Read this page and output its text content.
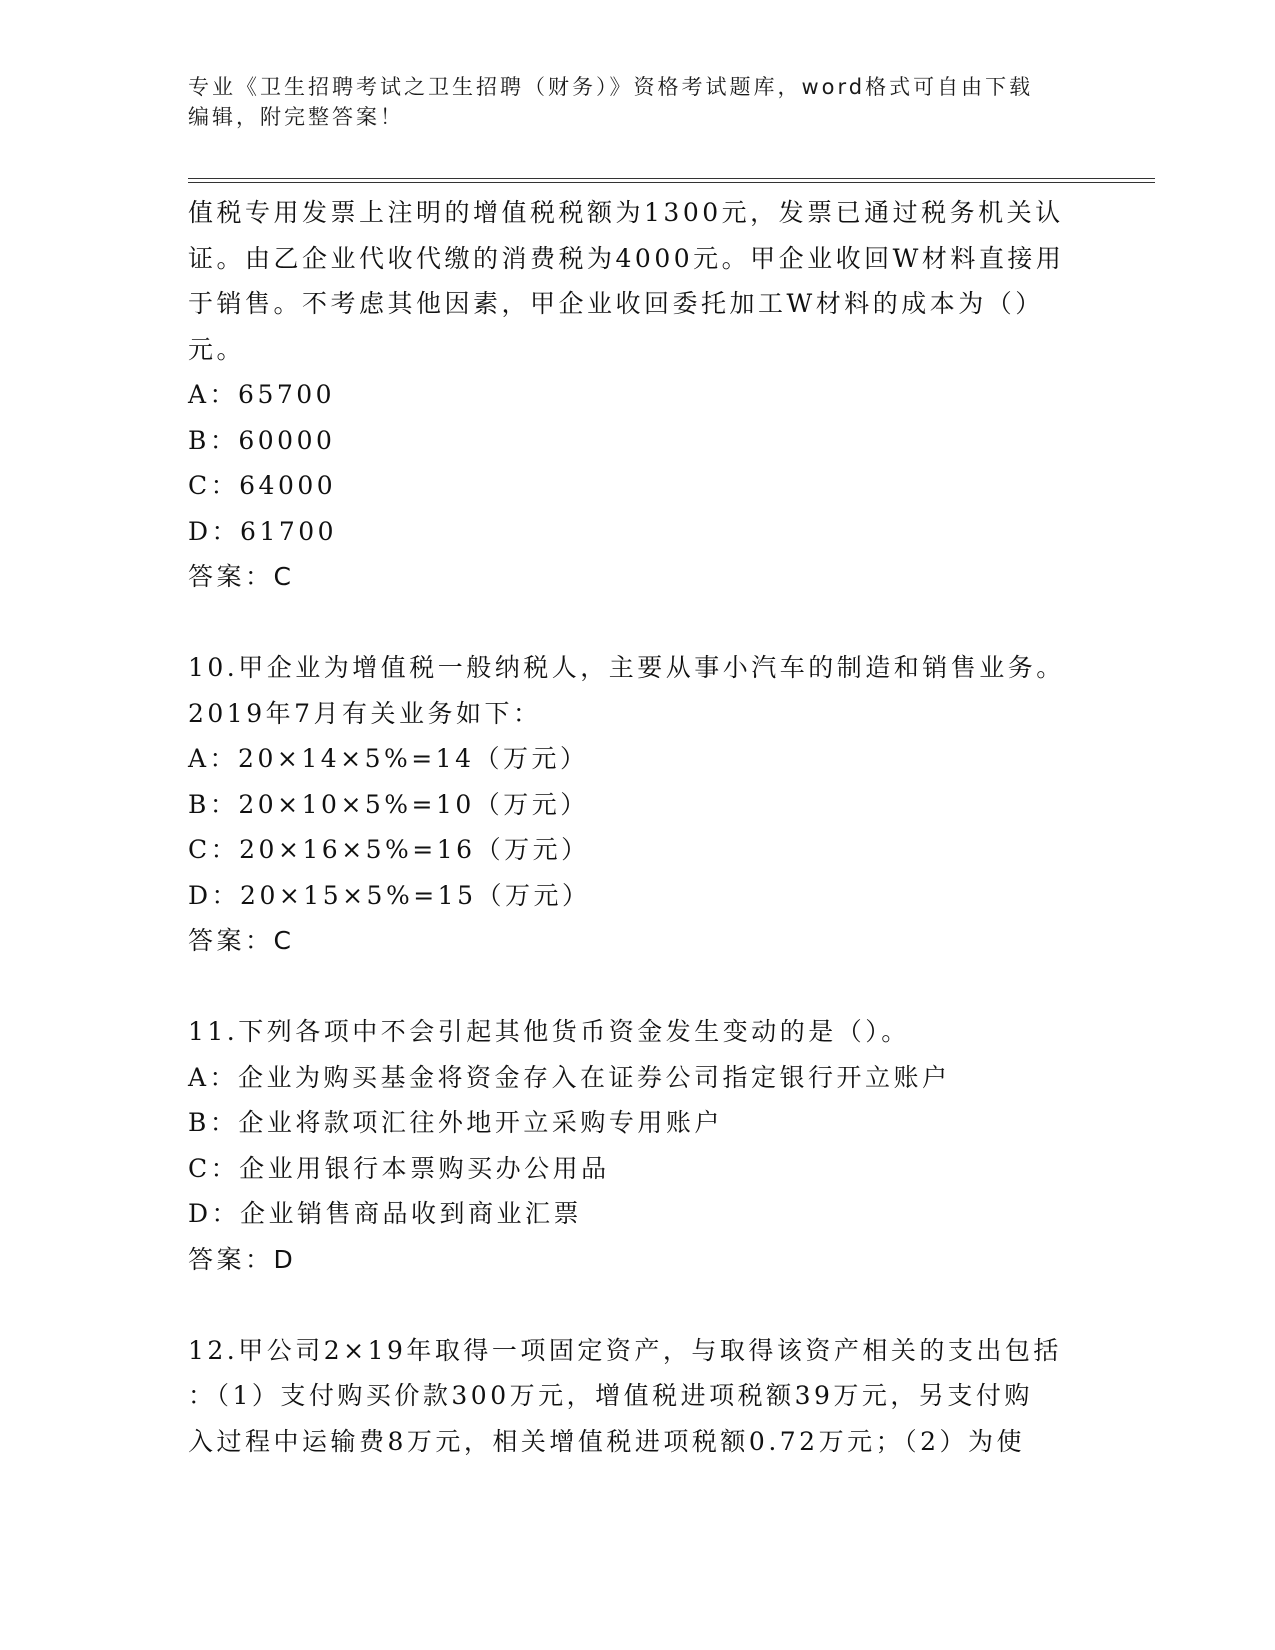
专业《卫生招聘考试之卫生招聘（财务）》资格考试题库，word格式可自由下载
编辑，附完整答案！
值税专用发票上注明的增值税税额为1300元，发票已通过税务机关认
证。由乙企业代收代缴的消费税为4000元。甲企业收回W材料直接用
于销售。不考虑其他因素，甲企业收回委托加工W材料的成本为（）
元。
A：65700
B：60000
C：64000
D：61700
答案：C
10.甲企业为增值税一般纳税人，主要从事小汽车的制造和销售业务。
2019年7月有关业务如下：
A：20×14×5%=14（万元）
B：20×10×5%=10（万元）
C：20×16×5%=16（万元）
D：20×15×5%=15（万元）
答案：C
11.下列各项中不会引起其他货币资金发生变动的是（）。
A：企业为购买基金将资金存入在证券公司指定银行开立账户
B：企业将款项汇往外地开立采购专用账户
C：企业用银行本票购买办公用品
D：企业销售商品收到商业汇票
答案：D
12.甲公司2×19年取得一项固定资产，与取得该资产相关的支出包括
：（1）支付购买价款300万元，增值税进项税额39万元，另支付购
入过程中运输费8万元，相关增值税进项税额0.72万元；（2）为使
